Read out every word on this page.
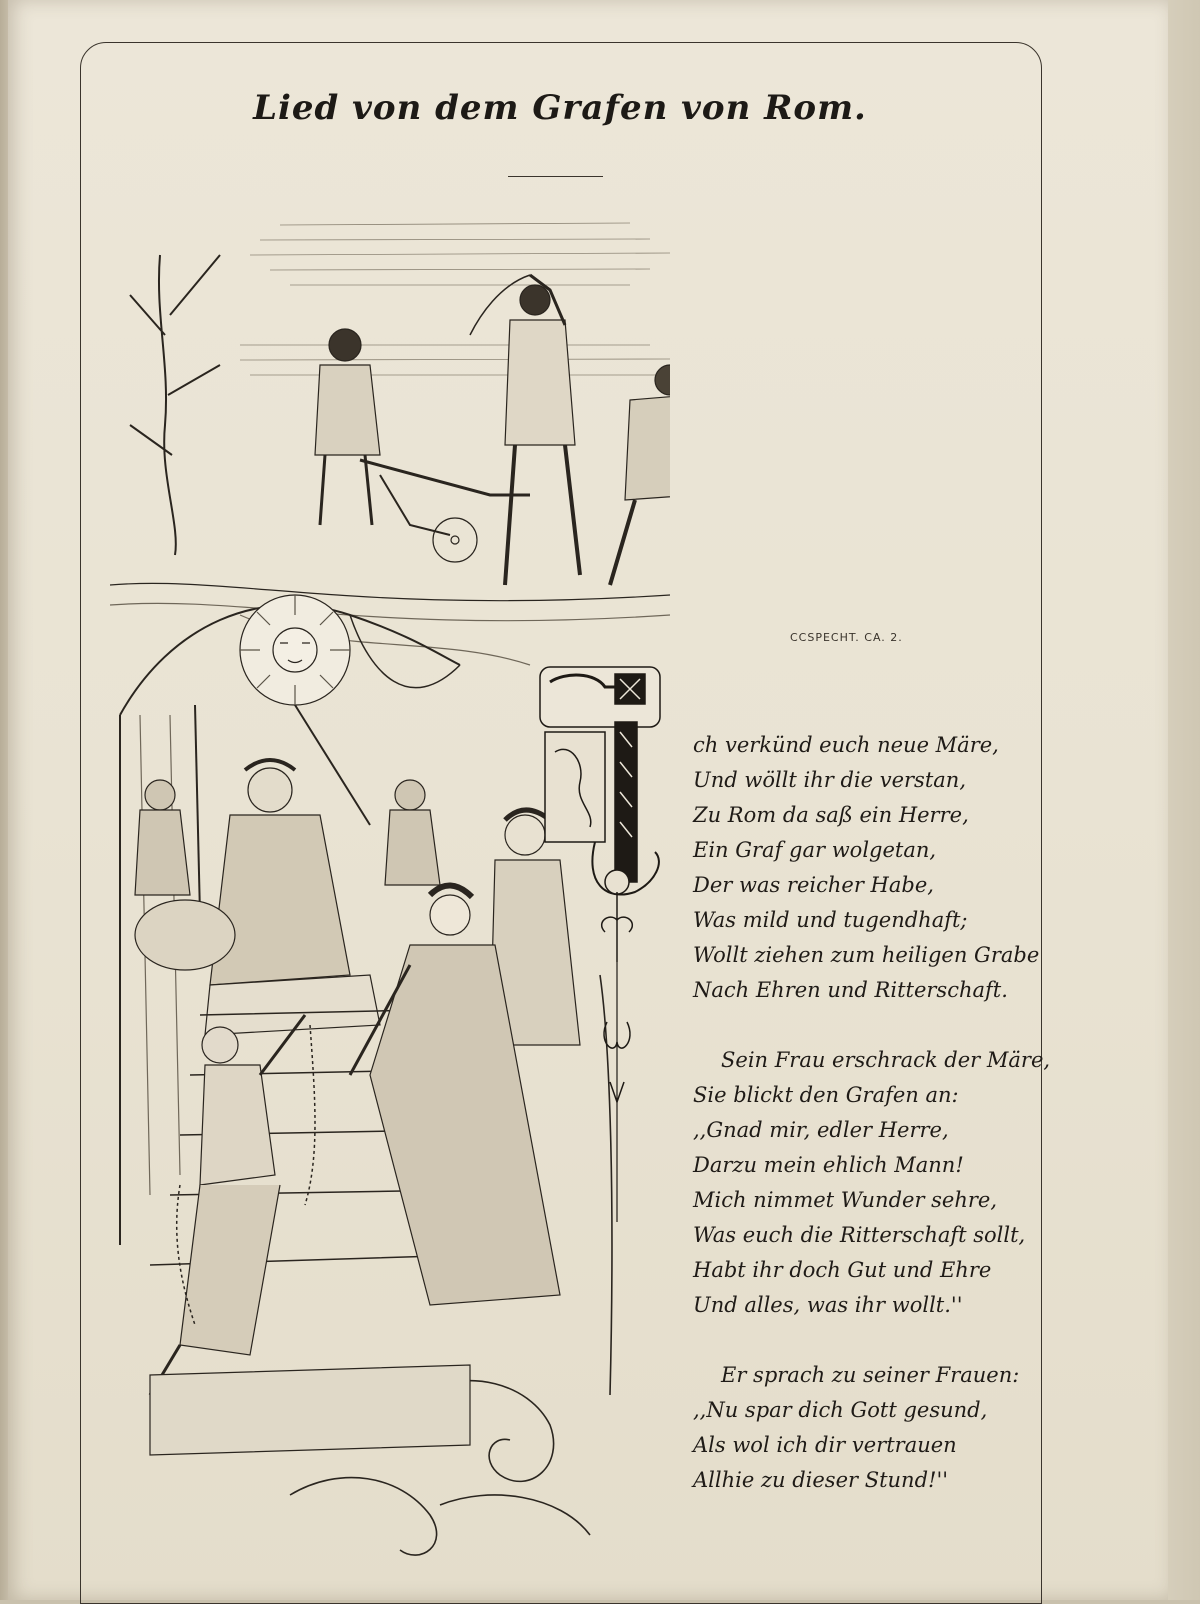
Lied von dem Grafen von Rom.
CCSPECHT. CA. 2.
ch verkünd euch neue Märe,
Und wöllt ihr die verstan,
Zu Rom da saß ein Herre,
Ein Graf gar wolgetan,
Der was reicher Habe,
Was mild und tugendhaft;
Wollt ziehen zum heiligen Grabe
Nach Ehren und Ritterschaft.
Sein Frau erschrack der Märe,
Sie blickt den Grafen an:
,,Gnad mir, edler Herre,
Darzu mein ehlich Mann!
Mich nimmet Wunder sehre,
Was euch die Ritterschaft sollt,
Habt ihr doch Gut und Ehre
Und alles, was ihr wollt.''
Er sprach zu seiner Frauen:
,,Nu spar dich Gott gesund,
Als wol ich dir vertrauen
Allhie zu dieser Stund!''
